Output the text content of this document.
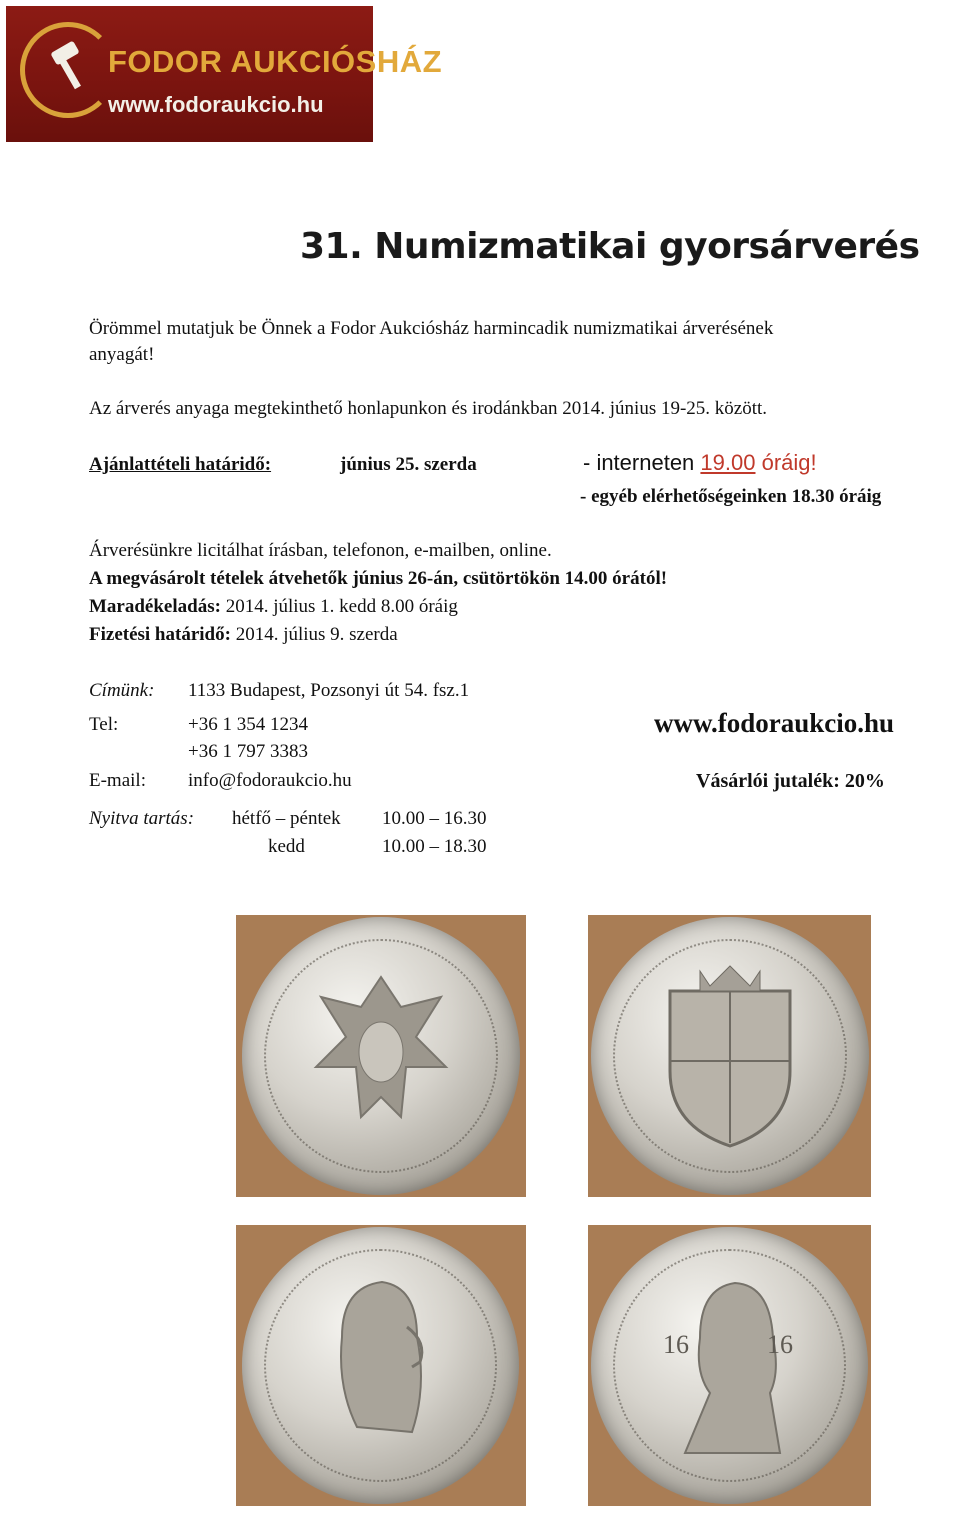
FODOR AUKCIÓSHÁZ
www.fodoraukcio.hu
31. Numizmatikai gyorsárverés
Örömmel mutatjuk be Önnek a Fodor Aukciósház harmincadik numizmatikai árverésének
anyagát!
Az árverés anyaga megtekinthető honlapunkon és irodánkban 2014. június 19-25. között.
Ajánlattételi határidő:	június 25. szerda	- interneten 19.00 óráig!
- egyéb elérhetőségeinken 18.30 óráig
Árverésünkre licitálhat írásban, telefonon, e-mailben, online.
A megvásárolt tételek átvehetők június 26-án, csütörtökön 14.00 órától!
Maradékeladás: 2014. július 1. kedd 8.00 óráig
Fizetési határidő: 2014. július 9. szerda
Címünk: 1133 Budapest, Pozsonyi út 54. fsz.1
Tel:	+36 1 354 1234
+36 1 797 3383
www.fodoraukcio.hu
E-mail: info@fodoraukcio.hu	Vásárlói jutalék: 20%
Nyitva tartás: hétfő – péntek 10.00 – 16.30
kedd	10.00 – 18.30
16	16
